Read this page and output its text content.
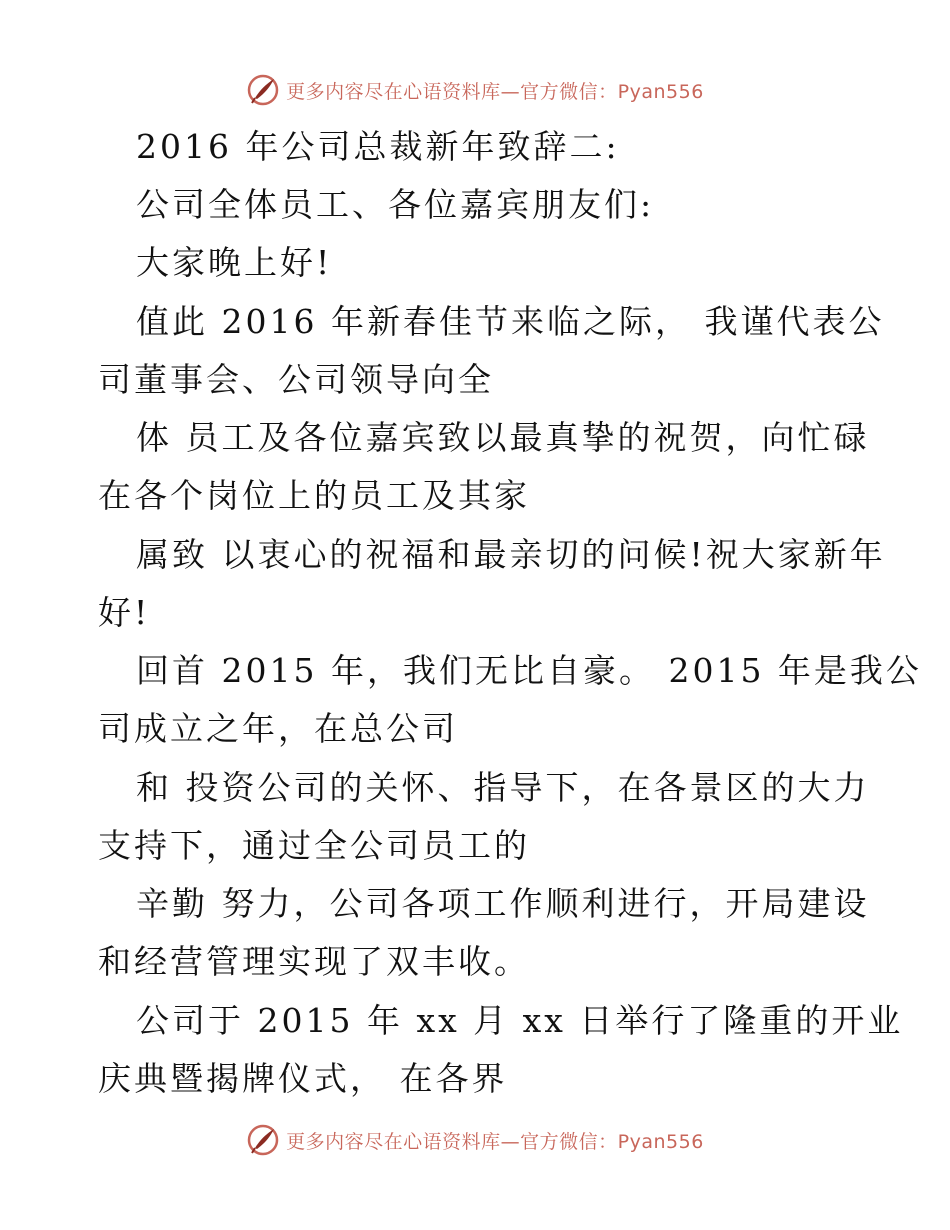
更多内容尽在心语资料库—官方微信：Pyan556
2016 年公司总裁新年致辞二:
公司全体员工、各位嘉宾朋友们:
大家晚上好!
值此 2016 年新春佳节来临之际， 我谨代表公
司董事会、公司领导向全
体 员工及各位嘉宾致以最真挚的祝贺，向忙碌
在各个岗位上的员工及其家
属致 以衷心的祝福和最亲切的问候!祝大家新年
好!
回首 2015 年，我们无比自豪。 2015 年是我公
司成立之年，在总公司
和 投资公司的关怀、指导下，在各景区的大力
支持下，通过全公司员工的
辛勤 努力，公司各项工作顺利进行，开局建设
和经营管理实现了双丰收。
公司于 2015 年 xx 月 xx 日举行了隆重的开业
庆典暨揭牌仪式， 在各界
更多内容尽在心语资料库—官方微信：Pyan556
